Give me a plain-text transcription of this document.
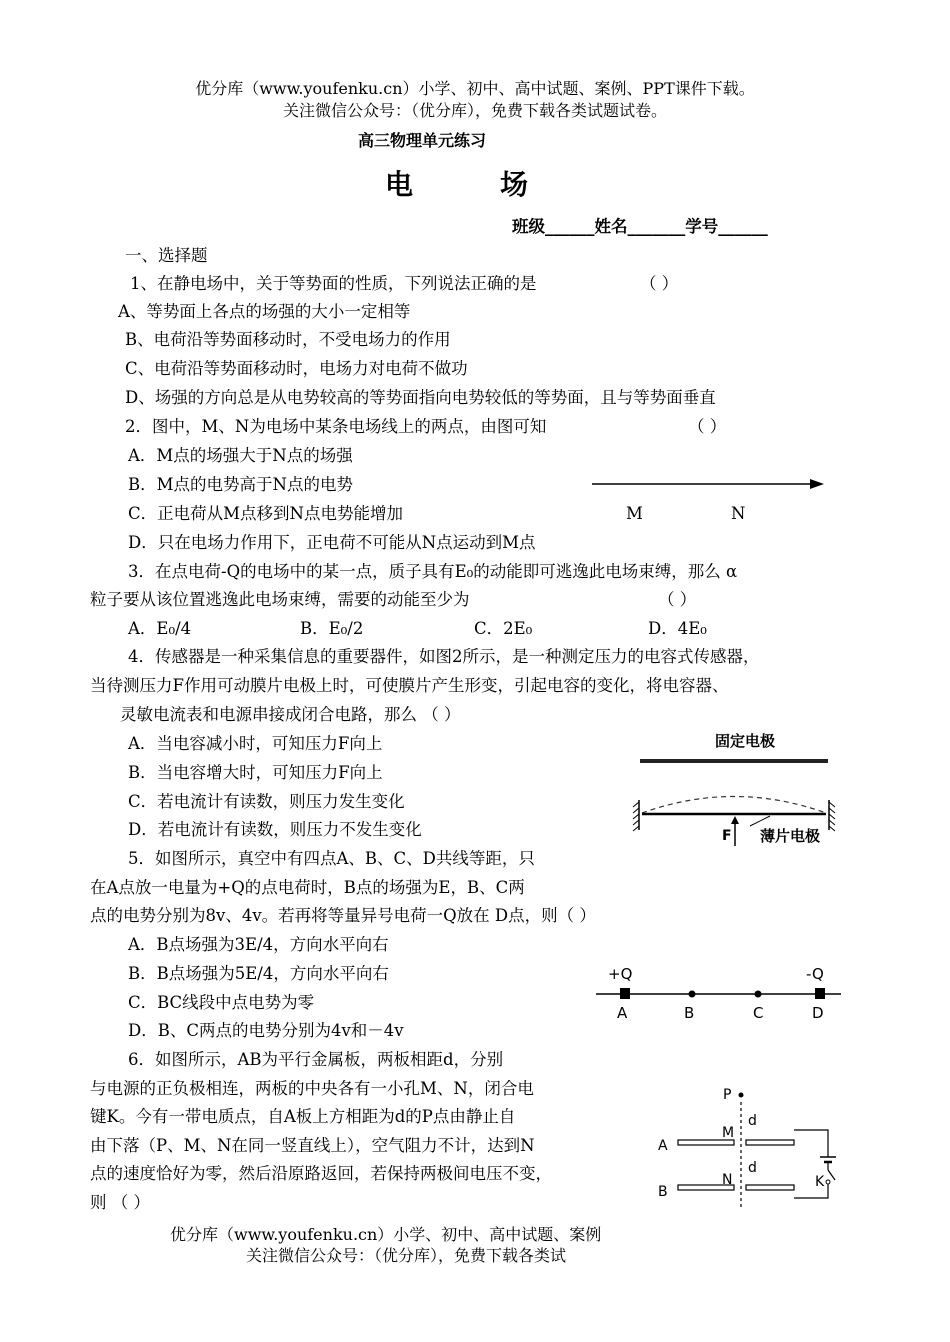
优分库（www.youfenku.cn）小学、初中、高中试题、案例、PPT课件下载。
关注微信公众号：（优分库），免费下载各类试题试卷。
高三物理单元练习
电	场
班级______姓名_______学号______
一、选择题
1、在静电场中，关于等势面的性质，下列说法正确的是	（ ）
A、等势面上各点的场强的大小一定相等
B、电荷沿等势面移动时，不受电场力的作用
C、电荷沿等势面移动时，电场力对电荷不做功
D、场强的方向总是从电势较高的等势面指向电势较低的等势面，且与等势面垂直
2．图中，M、N为电场中某条电场线上的两点，由图可知	（ ）
A．M点的场强大于N点的场强
B．M点的电势高于N点的电势
C．正电荷从M点移到N点电势能增加
D．只在电场力作用下，正电荷不可能从N点运动到M点
M	N
3．在点电荷-Q的电场中的某一点，质子具有E₀的动能即可逃逸此电场束缚，那么 α
粒子要从该位置逃逸此电场束缚，需要的动能至少为	（ ）
A．E₀/4	B．E₀/2	C．2E₀	D．4E₀
4．传感器是一种采集信息的重要器件，如图2所示，是一种测定压力的电容式传感器，
当待测压力F作用可动膜片电极上时，可使膜片产生形变，引起电容的变化，将电容器、
灵敏电流表和电源串接成闭合电路，那么 （ ）
A．当电容减小时，可知压力F向上
B．当电容增大时，可知压力F向上
C．若电流计有读数，则压力发生变化
D．若电流计有读数，则压力不发生变化
固定电极
F 薄片电极
5．如图所示，真空中有四点A、B、C、D共线等距，只
在A点放一电量为+Q的点电荷时，B点的场强为E，B、C两
点的电势分别为8v、4v。若再将等量异号电荷一Q放在 D点，则（ ）
A．B点场强为3E/4，方向水平向右
B．B点场强为5E/4，方向水平向右
C．BC线段中点电势为零
D．B、C两点的电势分别为4v和－4v
+Q	-Q
A	B	C	D
6．如图所示，AB为平行金属板，两板相距d，分别
与电源的正负极相连，两板的中央各有一小孔M、N，闭合电
键K。今有一带电质点，自A板上方相距为d的P点由静止自
由下落（P、M、N在同一竖直线上），空气阻力不计，达到N
点的速度恰好为零，然后沿原路返回，若保持两极间电压不变，
则 （ ）
P
d
d
A
B
M
N	K
优分库（www.youfenku.cn）小学、初中、高中试题、案例
关注微信公众号：（优分库），免费下载各类试
